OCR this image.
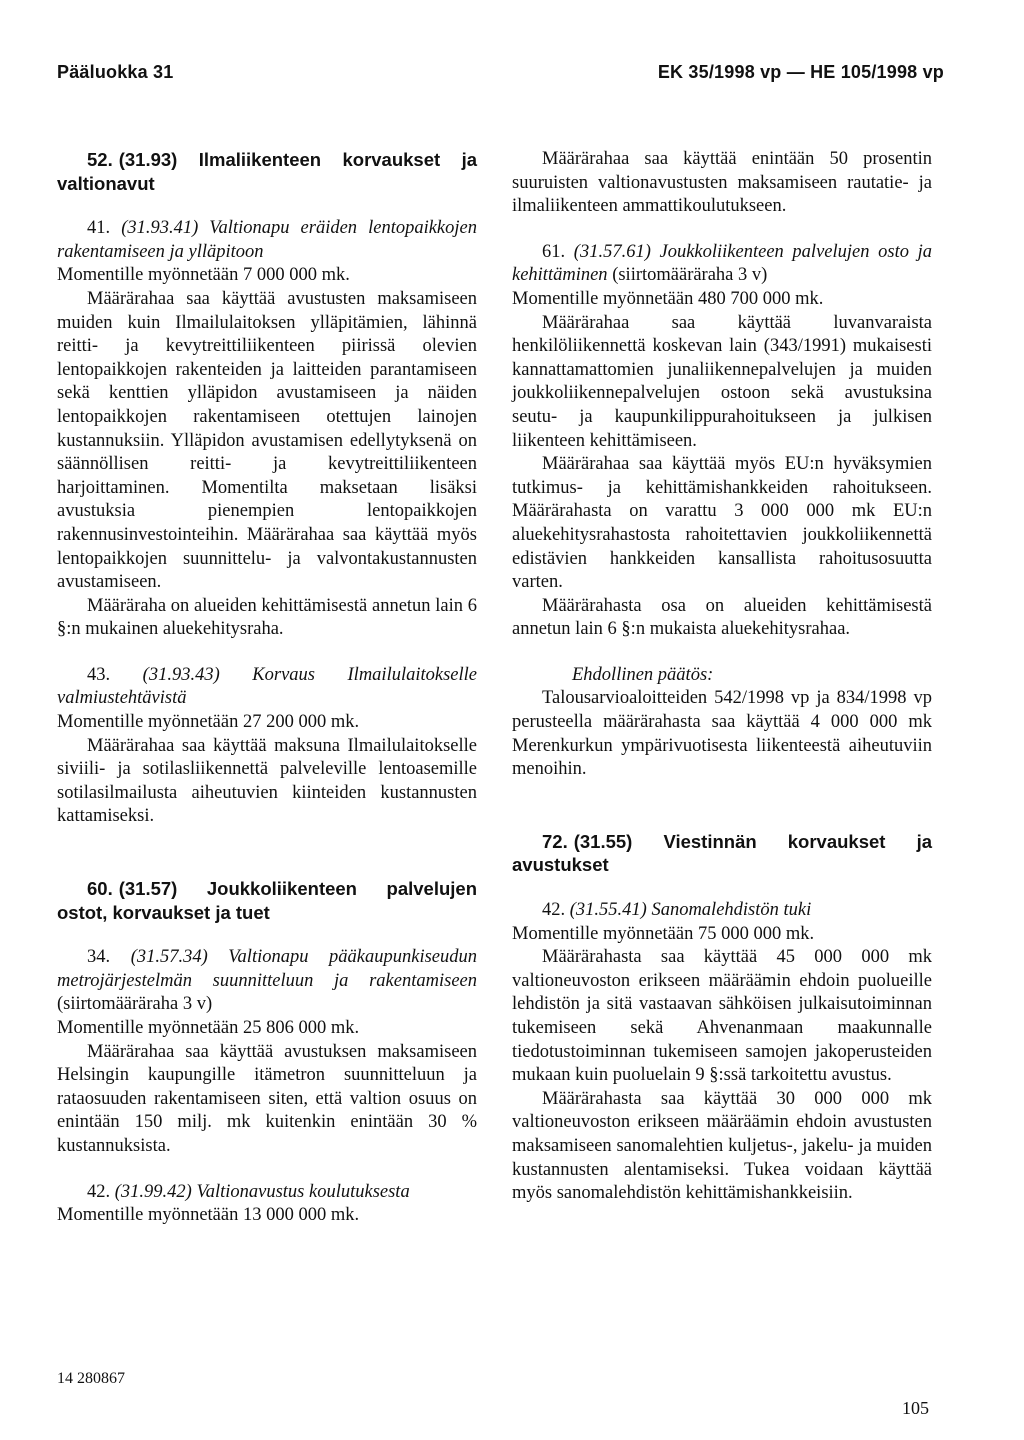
Pääluokka 31	EK 35/1998 vp — HE 105/1998 vp

52. (31.93) Ilmaliikenteen korvaukset ja valtionavut

41. (31.93.41) Valtionapu eräiden lentopaikkojen rakentamiseen ja ylläpitoon

Momentille myönnetään 7 000 000 mk.

Määrärahaa saa käyttää avustusten maksamiseen muiden kuin Ilmailulaitoksen ylläpitämien, lähinnä reitti- ja kevytreittiliikenteen piirissä olevien lentopaikkojen rakenteiden ja laitteiden parantamiseen sekä kenttien ylläpidon avustamiseen ja näiden lentopaikkojen rakentamiseen otettujen lainojen kustannuksiin. Ylläpidon avustamisen edellytyksenä on säännöllisen reitti- ja kevytreittiliikenteen harjoittaminen. Momentilta maksetaan lisäksi avustuksia pienempien lentopaikkojen rakennusinvestointeihin. Määrärahaa saa käyttää myös lentopaikkojen suunnittelu- ja valvontakustannusten avustamiseen.

Määräraha on alueiden kehittämisestä annetun lain 6 §:n mukainen aluekehitysraha.

43. (31.93.43) Korvaus Ilmailulaitokselle valmiustehtävistä

Momentille myönnetään 27 200 000 mk.

Määrärahaa saa käyttää maksuna Ilmailulaitokselle siviili- ja sotilasliikennettä palveleville lentoasemille sotilasilmailusta aiheutuvien kiinteiden kustannusten kattamiseksi.

60. (31.57) Joukkoliikenteen palvelujen ostot, korvaukset ja tuet

34. (31.57.34) Valtionapu pääkaupunkiseudun metrojärjestelmän suunnitteluun ja rakentamiseen (siirtomääräraha 3 v)

Momentille myönnetään 25 806 000 mk.

Määrärahaa saa käyttää avustuksen maksamiseen Helsingin kaupungille itämetron suunnitteluun ja rataosuuden rakentamiseen siten, että valtion osuus on enintään 150 milj. mk kuitenkin enintään 30 % kustannuksista.

42. (31.99.42) Valtionavustus koulutuksesta

Momentille myönnetään 13 000 000 mk.

Määrärahaa saa käyttää enintään 50 prosentin suuruisten valtionavustusten maksamiseen rautatie- ja ilmaliikenteen ammattikoulutukseen.

61. (31.57.61) Joukkoliikenteen palvelujen osto ja kehittäminen (siirtomääräraha 3 v)

Momentille myönnetään 480 700 000 mk.

Määrärahaa saa käyttää luvanvaraista henkilöliikennettä koskevan lain (343/1991) mukaisesti kannattamattomien junaliikennepalvelujen ja muiden joukkoliikennepalvelujen ostoon sekä avustuksina seutu- ja kaupunkilippurahoitukseen ja julkisen liikenteen kehittämiseen.

Määrärahaa saa käyttää myös EU:n hyväksymien tutkimus- ja kehittämishankkeiden rahoitukseen. Määrärahasta on varattu 3 000 000 mk EU:n aluekehitysrahastosta rahoitettavien joukkoliikennettä edistävien hankkeiden kansallista rahoitusosuutta varten.

Määrärahasta osa on alueiden kehittämisestä annetun lain 6 §:n mukaista aluekehitysrahaa.

Ehdollinen päätös:

Talousarvioaloitteiden 542/1998 vp ja 834/1998 vp perusteella määrärahasta saa käyttää 4 000 000 mk Merenkurkun ympärivuotisesta liikenteestä aiheutuviin menoihin.

72. (31.55) Viestinnän korvaukset ja avustukset

42. (31.55.41) Sanomalehdistön tuki

Momentille myönnetään 75 000 000 mk.

Määrärahasta saa käyttää 45 000 000 mk valtioneuvoston erikseen määräämin ehdoin puolueille lehdistön ja sitä vastaavan sähköisen julkaisutoiminnan tukemiseen sekä Ahvenanmaan maakunnalle tiedotustoiminnan tukemiseen samojen jakoperusteiden mukaan kuin puoluelain 9 §:ssä tarkoitettu avustus.

Määrärahasta saa käyttää 30 000 000 mk valtioneuvoston erikseen määräämin ehdoin avustusten maksamiseen sanomalehtien kuljetus-, jakelu- ja muiden kustannusten alentamiseksi. Tukea voidaan käyttää myös sanomalehdistön kehittämishankkeisiin.

14 280867
105
